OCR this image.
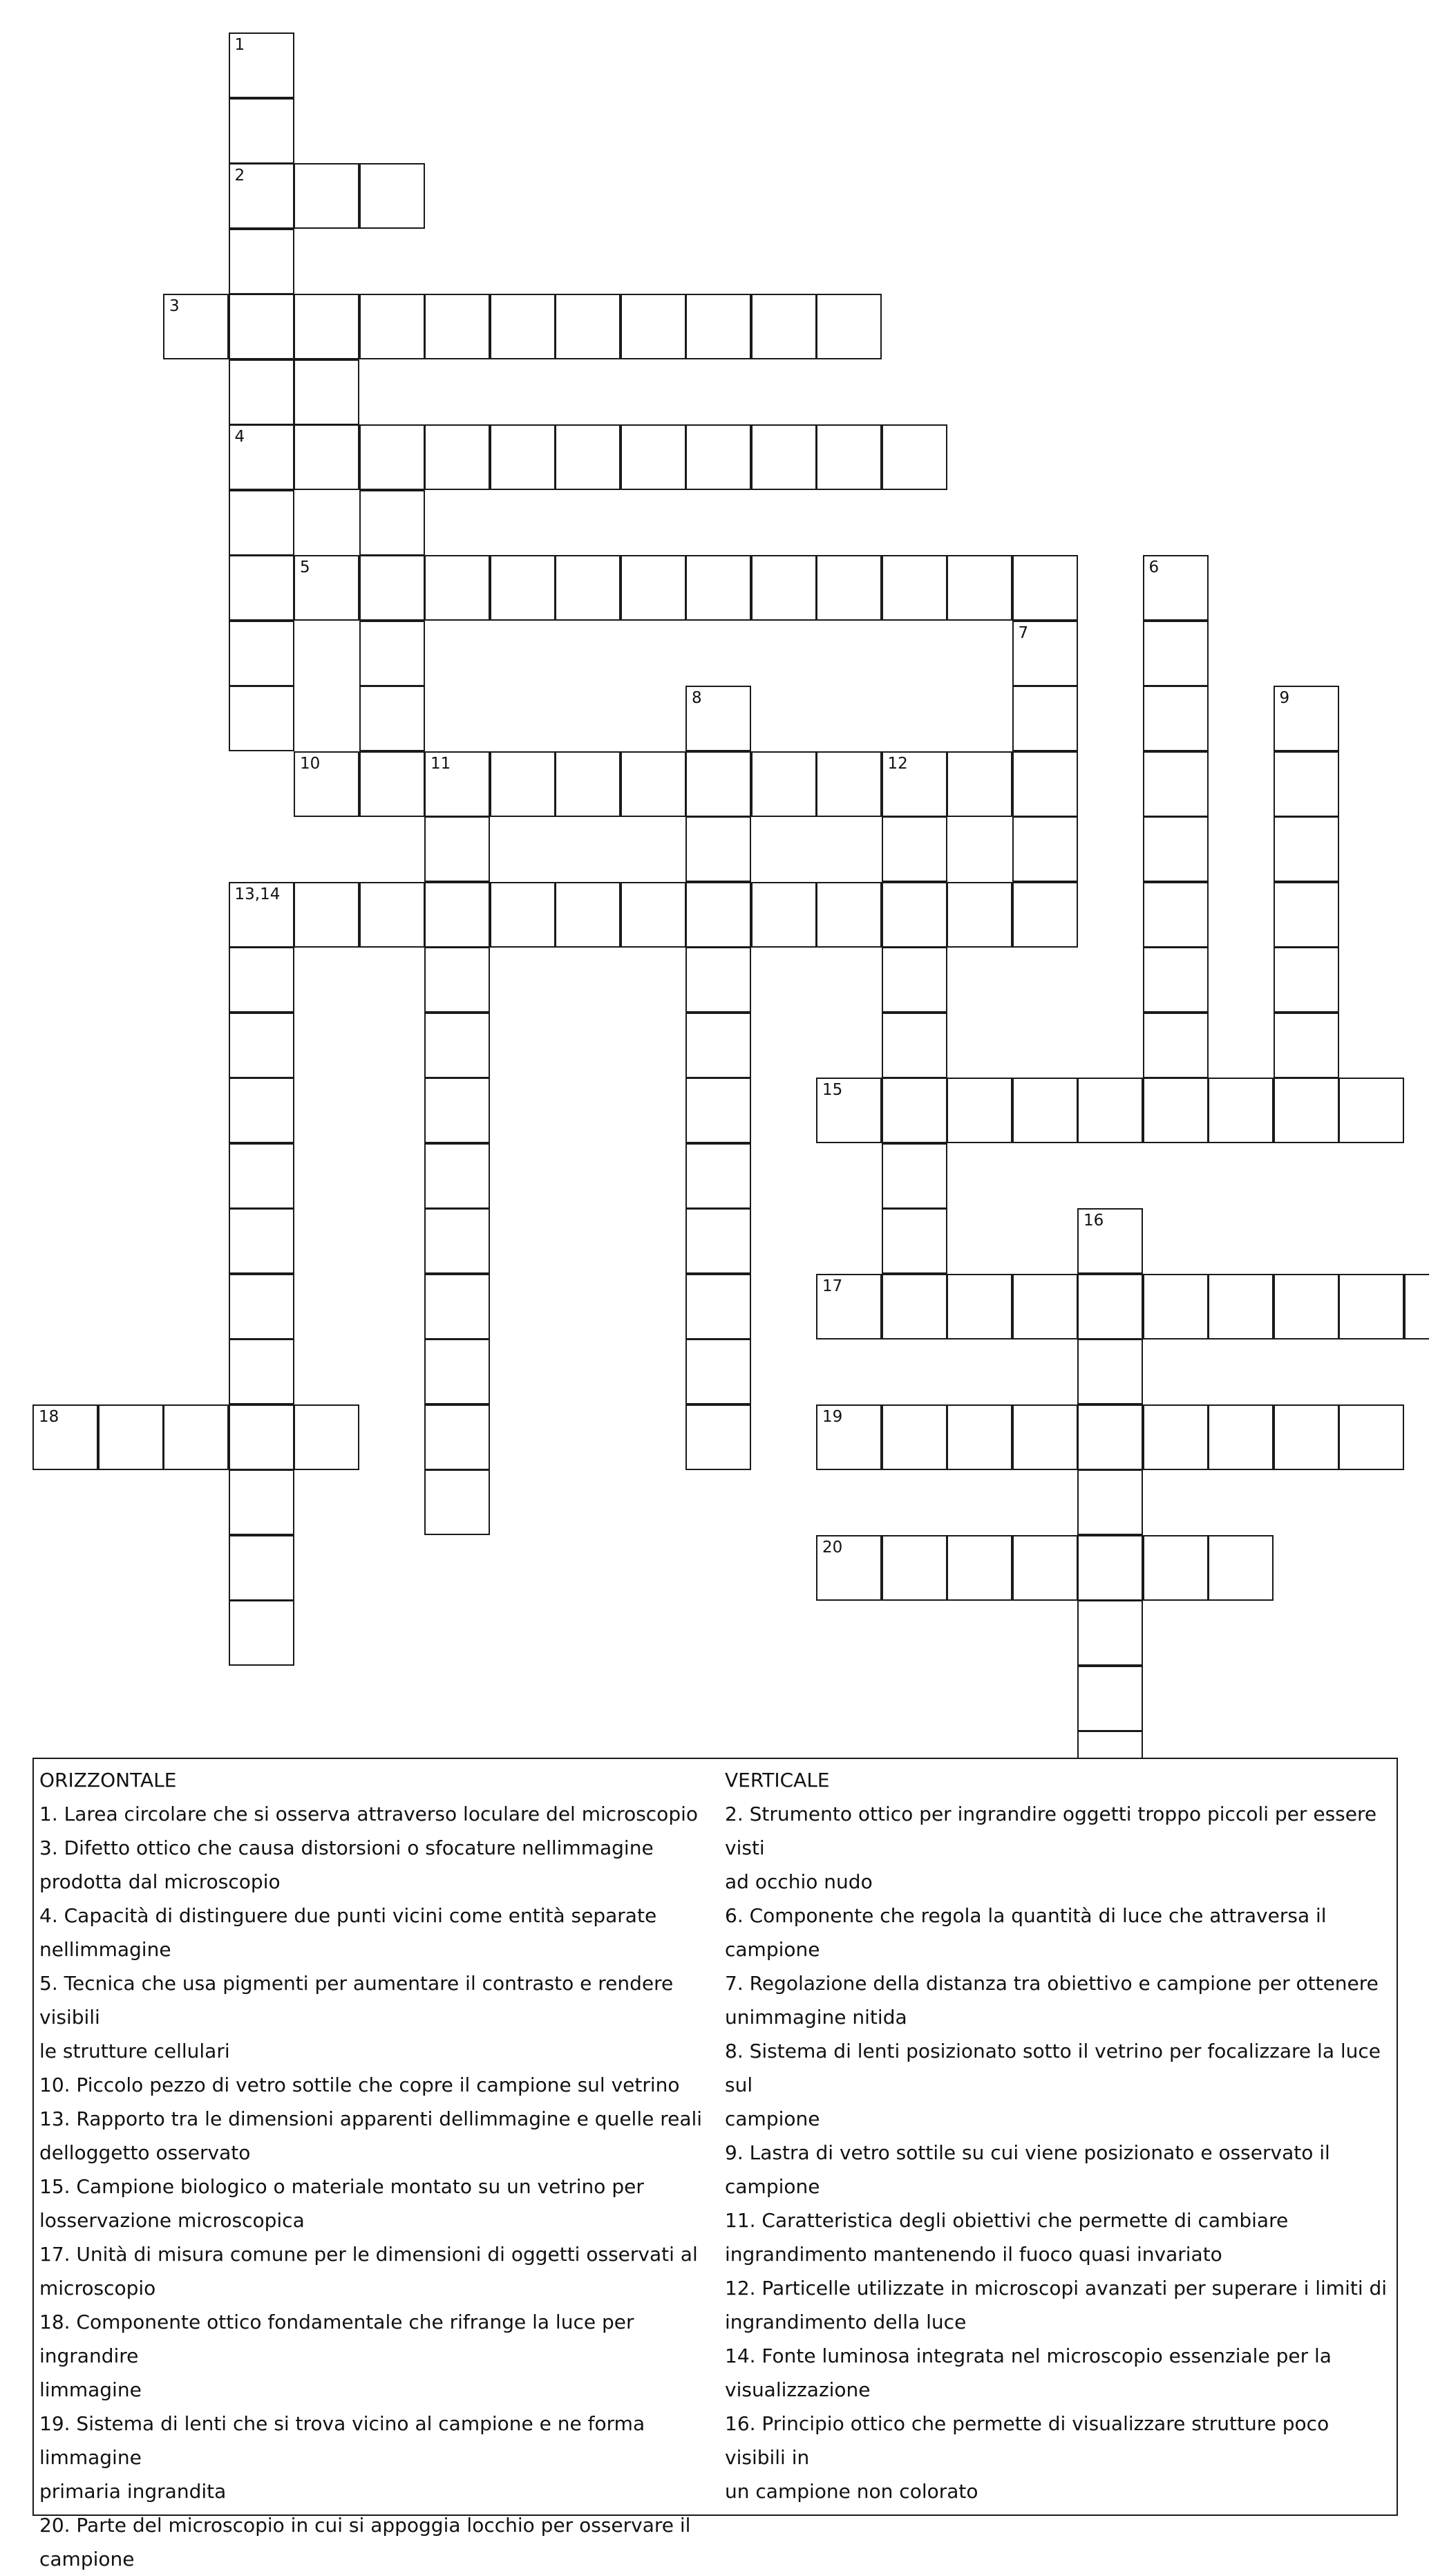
1
2
3
4
5	6
7
8	9
10	11	12
13,14
15
16
17
18	19
20
ORIZZONTALE
1. Larea circolare che si osserva attraverso loculare del microscopio
3. Difetto ottico che causa distorsioni o sfocature nellimmagine
prodotta dal microscopio
4. Capacità di distinguere due punti vicini come entità separate
nellimmagine
5. Tecnica che usa pigmenti per aumentare il contrasto e rendere visibili
le strutture cellulari
10. Piccolo pezzo di vetro sottile che copre il campione sul vetrino
13. Rapporto tra le dimensioni apparenti dellimmagine e quelle reali
delloggetto osservato
15. Campione biologico o materiale montato su un vetrino per
losservazione microscopica
17. Unità di misura comune per le dimensioni di oggetti osservati al
microscopio
18. Componente ottico fondamentale che rifrange la luce per ingrandire
limmagine
19. Sistema di lenti che si trova vicino al campione e ne forma limmagine
primaria ingrandita
20. Parte del microscopio in cui si appoggia locchio per osservare il
campione
VERTICALE
2. Strumento ottico per ingrandire oggetti troppo piccoli per essere visti
ad occhio nudo
6. Componente che regola la quantità di luce che attraversa il campione
7. Regolazione della distanza tra obiettivo e campione per ottenere
unimmagine nitida
8. Sistema di lenti posizionato sotto il vetrino per focalizzare la luce sul
campione
9. Lastra di vetro sottile su cui viene posizionato e osservato il
campione
11. Caratteristica degli obiettivi che permette di cambiare
ingrandimento mantenendo il fuoco quasi invariato
12. Particelle utilizzate in microscopi avanzati per superare i limiti di
ingrandimento della luce
14. Fonte luminosa integrata nel microscopio essenziale per la
visualizzazione
16. Principio ottico che permette di visualizzare strutture poco visibili in
un campione non colorato
